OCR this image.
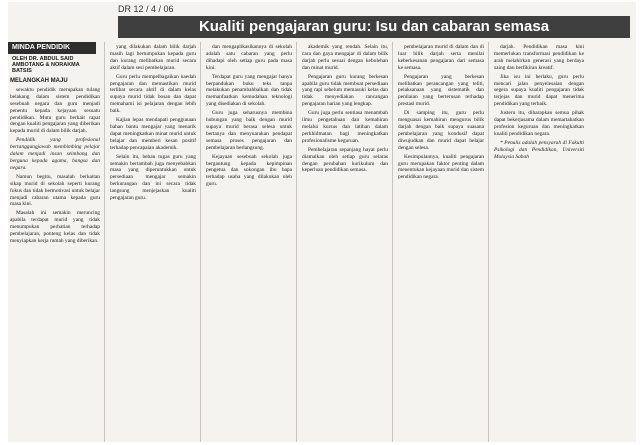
DR 12 / 4 / 06
Kualiti pengajaran guru: Isu dan cabaran semasa
MINDA PENDIDIK
OLEH DR. ABDUL SAID AMBOTANG & NORAKMA BATSIS
MELANGKAH MAJU

sewaktu pendidik merupakan tulang belakang dalam sistem pendidikan sesebuah negara dan guru menjadi penentu kepada kejayaan sesuatu pendidikan. Mutu guru berkait rapat dengan kualiti pengajaran yang diberikan kepada murid di dalam bilik darjah.

Pendidik yang profesional bertanggungjawab membimbing pelajar dalam menjadi insan seimbang dan berguna kepada agama, bangsa dan negara.

Namun begitu, masalah berkaitan sikap murid di sekolah seperti kurang fokus dan tidak bermotivasi untuk belajar menjadi cabaran utama kepada guru masa kini.

Masalah ini semakin meruncing apabila terdapat murid yang tidak menumpukan perhatian terhadap pembelajaran, ponteng kelas dan tidak menyiapkan kerja rumah yang diberikan.

yang dilakukan dalam bilik darjah masih lagi bertumpukan kepada guru dan kurang melibatkan murid secara aktif dalam sesi pembelajaran.

Guru perlu mempelbagaikan kaedah pengajaran dan memastikan murid terlibat secara aktif di dalam kelas supaya murid tidak bosan dan dapat memahami isi pelajaran dengan lebih baik.

Kajian lepas mendapati penggunaan bahan bantu mengajar yang menarik dapat meningkatkan minat murid untuk belajar dan memberi kesan positif terhadap pencapaian akademik.

Selain itu, beban tugas guru yang semakin bertambah juga menyebabkan masa yang diperuntukkan untuk persediaan mengajar semakin berkurangan dan ini secara tidak langsung menjejaskan kualiti pengajaran guru.

dan mengaplikasikannya di sekolah adalah satu cabaran yang perlu dihadapi oleh setiap guru pada masa kini.

Terdapat guru yang mengajar hanya berpandukan buku teks tanpa melakukan penambahbaikan dan tidak memanfaatkan kemudahan teknologi yang disediakan di sekolah.

Guru juga seharusnya membina hubungan yang baik dengan murid supaya murid berasa selesa untuk bertanya dan menyuarakan pendapat semasa proses pengajaran dan pembelajaran berlangsung.

Kejayaan sesebuah sekolah juga bergantung kepada kepimpinan pengetua dan sokongan ibu bapa terhadap usaha yang dilakukan oleh guru.

akademik yang rendah. Selain itu, cara dan gaya mengajar di dalam bilik darjah perlu sesuai dengan kebolehan dan minat murid.

Pengajaran guru kurang berkesan apabila guru tidak membuat persediaan yang rapi sebelum memasuki kelas dan tidak menyediakan rancangan pengajaran harian yang lengkap.

Guru juga perlu sentiasa menambah ilmu pengetahuan dan kemahiran melalui kursus dan latihan dalam perkhidmatan bagi meningkatkan profesionalisme keguruan.

Pembelajaran sepanjang hayat perlu diamalkan oleh setiap guru selaras dengan perubahan kurikulum dan keperluan pendidikan semasa.

pembelajaran murid di dalam dan di luar bilik darjah serta menilai keberkesanan pengajaran dari semasa ke semasa.

Pengajaran yang berkesan melibatkan perancangan yang teliti, pelaksanaan yang sistematik dan penilaian yang berterusan terhadap prestasi murid.

Di samping itu, guru perlu menguasai kemahiran mengurus bilik darjah dengan baik supaya suasana pembelajaran yang kondusif dapat diwujudkan dan murid dapat belajar dengan selesa.

Kesimpulannya, kualiti pengajaran guru merupakan faktor penting dalam menentukan kejayaan murid dan sistem pendidikan negara.

darjah. Pendidikan masa kini memerlukan transformasi pendidikan ke arah melahirkan generasi yang berdaya saing dan berfikiran kreatif.

Jika isu ini berlaku, guru perlu mencari jalan penyelesaian dengan segera supaya kualiti pengajaran tidak terjejas dan murid dapat menerima pendidikan yang terbaik.

Justeru itu, diharapkan semua pihak dapat bekerjasama dalam memartabatkan profesion keguruan dan meningkatkan kualiti pendidikan negara.

* Penulis adalah pensyarah di Fakulti Psikologi dan Pendidikan, Universiti Malaysia Sabah
